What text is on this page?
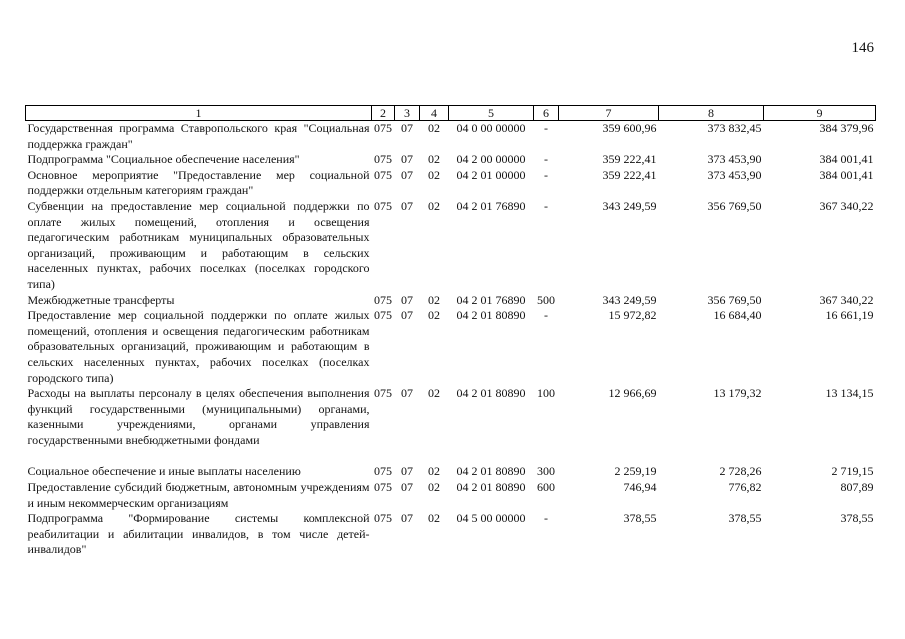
146
1	2	3	4	5	6	7	8	9
Государственная программа Ставропольского края "Социальная поддержка граждан"	075	07	02	04 0 00 00000	-	359 600,96	373 832,45	384 379,96
Подпрограмма "Социальное обеспечение населения"	075	07	02	04 2 00 00000	-	359 222,41	373 453,90	384 001,41
Основное мероприятие "Предоставление мер социальной поддержки отдельным категориям граждан"	075	07	02	04 2 01 00000	-	359 222,41	373 453,90	384 001,41
Субвенции на предоставление мер социальной поддержки по оплате жилых помещений, отопления и освещения педагогическим работникам муниципальных образовательных организаций, проживающим и работающим в сельских населенных пунктах, рабочих поселках (поселках городского типа)	075	07	02	04 2 01 76890	-	343 249,59	356 769,50	367 340,22
Межбюджетные трансферты	075	07	02	04 2 01 76890	500	343 249,59	356 769,50	367 340,22
Предоставление мер социальной поддержки по оплате жилых помещений, отопления и освещения педагогическим работникам образовательных организаций, проживающим и работающим в сельских населенных пунктах, рабочих поселках (поселках городского типа)	075	07	02	04 2 01 80890	-	15 972,82	16 684,40	16 661,19
Расходы на выплаты персоналу в целях обеспечения выполнения функций государственными (муниципальными) органами, казенными учреждениями, органами управления государственными внебюджетными фондами	075	07	02	04 2 01 80890	100	12 966,69	13 179,32	13 134,15

Социальное обеспечение и иные выплаты населению	075	07	02	04 2 01 80890	300	2 259,19	2 728,26	2 719,15
Предоставление субсидий бюджетным, автономным учреждениям и иным некоммерческим организациям	075	07	02	04 2 01 80890	600	746,94	776,82	807,89
Подпрограмма "Формирование системы комплексной реабилитации и абилитации инвалидов, в том числе детей-инвалидов"	075	07	02	04 5 00 00000	-	378,55	378,55	378,55
